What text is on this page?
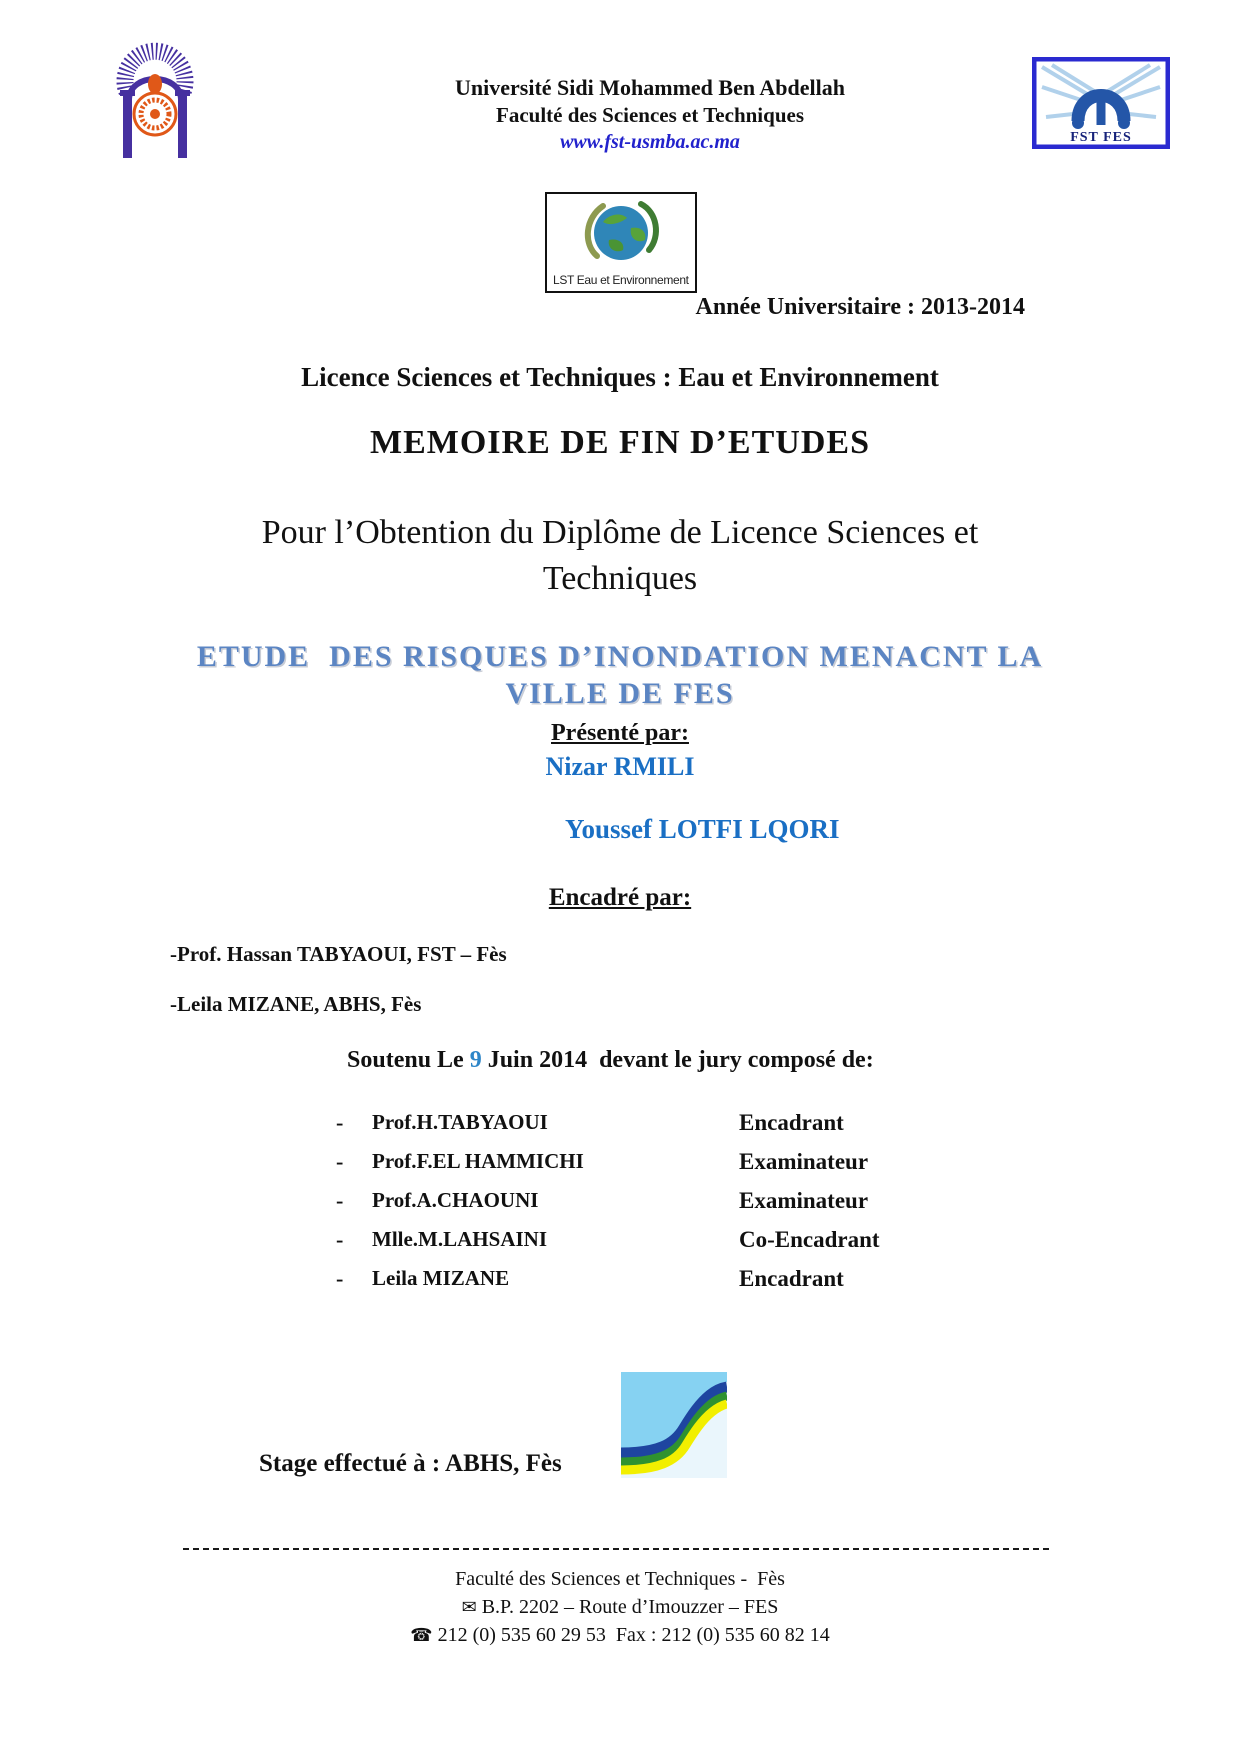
Université Sidi Mohammed Ben Abdellah
Faculté des Sciences et Techniques
www.fst-usmba.ac.ma	FST FES
LST Eau et Environnement
Année Universitaire : 2013-2014
Licence Sciences et Techniques : Eau et Environnement
MEMOIRE DE FIN D’ETUDES
Pour l’Obtention du Diplôme de Licence Sciences et
Techniques
ETUDE  DES RISQUES D’INONDATION MENACNT LA
VILLE DE FES
Présenté par:
Nizar RMILI
Youssef LOTFI LQORI
Encadré par:
-Prof. Hassan TABYAOUI, FST – Fès
-Leila MIZANE, ABHS, Fès
Soutenu Le 9 Juin 2014  devant le jury composé de:
- Prof.H.TABYAOUI	Encadrant
- Prof.F.EL HAMMICHI	Examinateur
- Prof.A.CHAOUNI	Examinateur
- Mlle.M.LAHSAINI	Co-Encadrant
- Leila MIZANE	Encadrant
Stage effectué à : ABHS, Fès
Faculté des Sciences et Techniques -  Fès
✉ B.P. 2202 – Route d’Imouzzer – FES
☎ 212 (0) 535 60 29 53  Fax : 212 (0) 535 60 82 14
